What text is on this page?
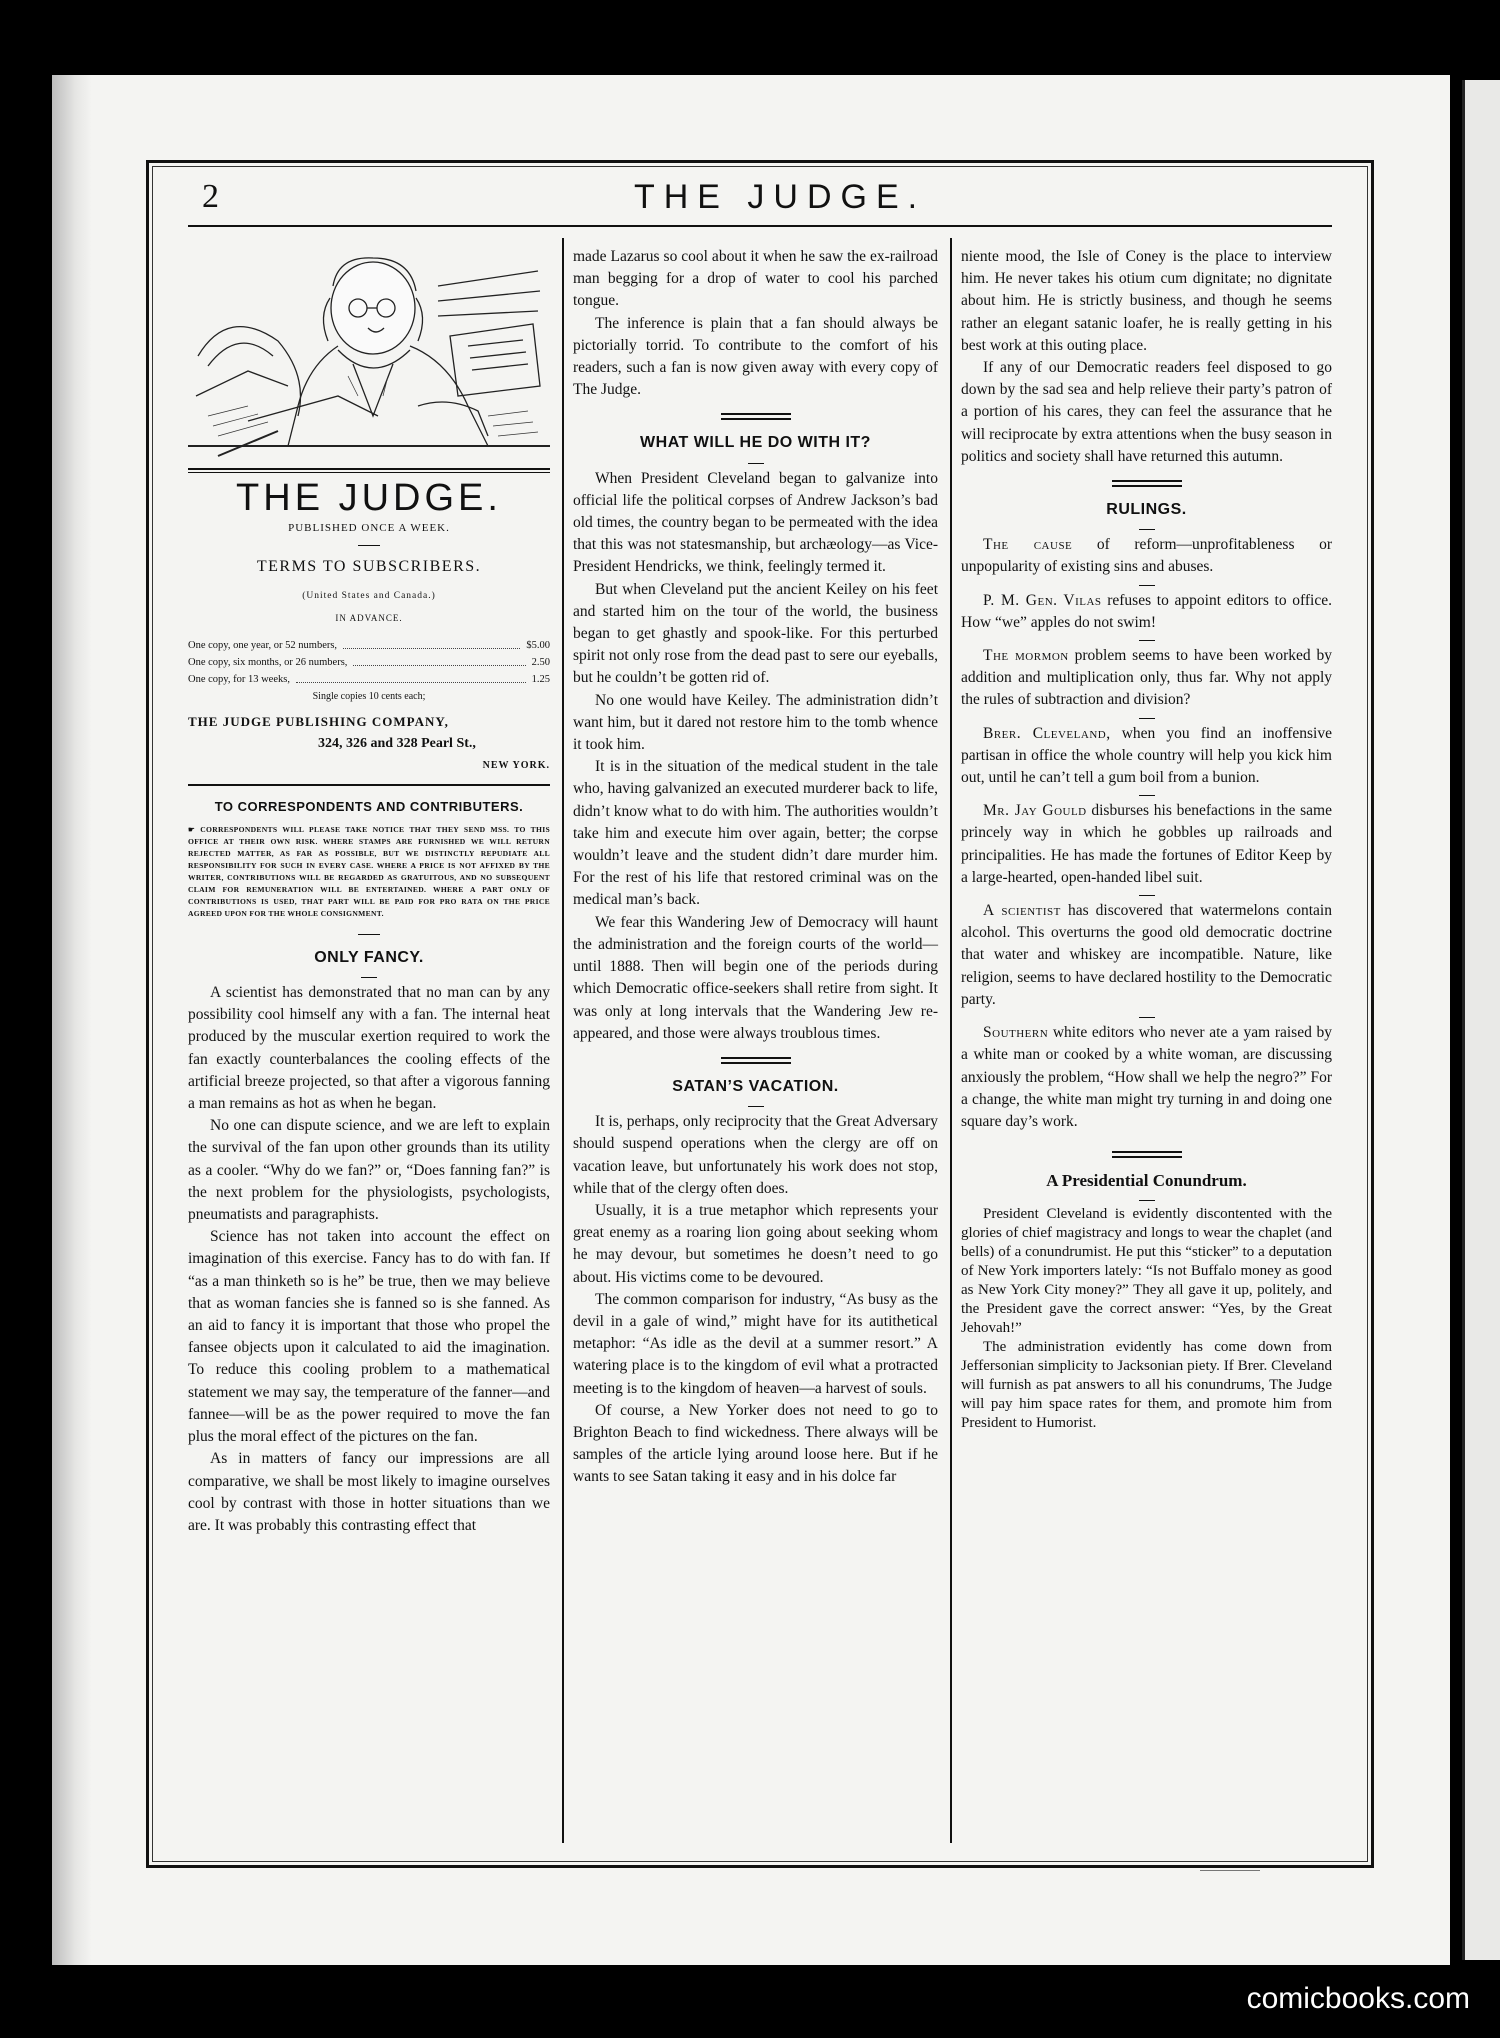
2	THE JUDGE.
THE JUDGE.
PUBLISHED ONCE A WEEK.
TERMS TO SUBSCRIBERS.
(United States and Canada.)
IN ADVANCE.
One copy, one year, or 52 numbers,	$5.00
One copy, six months, or 26 numbers,	2.50
One copy, for 13 weeks,	1.25
Single copies 10 cents each;
THE JUDGE PUBLISHING COMPANY,
324, 326 and 328 Pearl St.,
NEW YORK.
TO CORRESPONDENTS AND CONTRIBUTERS.
☛ CORRESPONDENTS WILL PLEASE TAKE NOTICE THAT THEY SEND MSS. TO THIS OFFICE AT THEIR OWN RISK. WHERE STAMPS ARE FURNISHED WE WILL RETURN REJECTED MATTER, AS FAR AS POSSIBLE, BUT WE DISTINCTLY REPUDIATE ALL RESPONSIBILITY FOR SUCH IN EVERY CASE. WHERE A PRICE IS NOT AFFIXED BY THE WRITER, CONTRIBUTIONS WILL BE REGARDED AS GRATUITOUS, AND NO SUBSEQUENT CLAIM FOR REMUNERATION WILL BE ENTERTAINED. WHERE A PART ONLY OF CONTRIBUTIONS IS USED, THAT PART WILL BE PAID FOR PRO RATA ON THE PRICE AGREED UPON FOR THE WHOLE CONSIGNMENT.
ONLY FANCY.

A scientist has demonstrated that no man can by any possibility cool himself any with a fan. The internal heat produced by the muscular exertion required to work the fan exactly counterbalances the cooling effects of the artificial breeze projected, so that after a vigorous fanning a man remains as hot as when he began.

No one can dispute science, and we are left to explain the survival of the fan upon other grounds than its utility as a cooler. “Why do we fan?” or, “Does fanning fan?” is the next problem for the physiologists, psychologists, pneumatists and paragraphists.

Science has not taken into account the effect on imagination of this exercise. Fancy has to do with fan. If “as a man thinketh so is he” be true, then we may believe that as woman fancies she is fanned so is she fanned. As an aid to fancy it is important that those who propel the fansee objects upon it calculated to aid the imagination. To reduce this cooling problem to a mathematical statement we may say, the temperature of the fanner—and fannee—will be as the power required to move the fan plus the moral effect of the pictures on the fan.

As in matters of fancy our impressions are all comparative, we shall be most likely to imagine ourselves cool by contrast with those in hotter situations than we are. It was probably this contrasting effect that

made Lazarus so cool about it when he saw the ex-railroad man begging for a drop of water to cool his parched tongue.

The inference is plain that a fan should always be pictorially torrid. To contribute to the comfort of his readers, such a fan is now given away with every copy of The Judge.

WHAT WILL HE DO WITH IT?

When President Cleveland began to galvanize into official life the political corpses of Andrew Jackson’s bad old times, the country began to be permeated with the idea that this was not statesmanship, but archæology—as Vice-President Hendricks, we think, feelingly termed it.

But when Cleveland put the ancient Keiley on his feet and started him on the tour of the world, the business began to get ghastly and spook-like. For this perturbed spirit not only rose from the dead past to sere our eyeballs, but he couldn’t be gotten rid of.

No one would have Keiley. The administration didn’t want him, but it dared not restore him to the tomb whence it took him.

It is in the situation of the medical student in the tale who, having galvanized an executed murderer back to life, didn’t know what to do with him. The authorities wouldn’t take him and execute him over again, better; the corpse wouldn’t leave and the student didn’t dare murder him. For the rest of his life that restored criminal was on the medical man’s back.

We fear this Wandering Jew of Democracy will haunt the administration and the foreign courts of the world—until 1888. Then will begin one of the periods during which Democratic office-seekers shall retire from sight. It was only at long intervals that the Wandering Jew re-appeared, and those were always troublous times.

SATAN’S VACATION.

It is, perhaps, only reciprocity that the Great Adversary should suspend operations when the clergy are off on vacation leave, but unfortunately his work does not stop, while that of the clergy often does.

Usually, it is a true metaphor which represents your great enemy as a roaring lion going about seeking whom he may devour, but sometimes he doesn’t need to go about. His victims come to be devoured.

The common comparison for industry, “As busy as the devil in a gale of wind,” might have for its autithetical metaphor: “As idle as the devil at a summer resort.” A watering place is to the kingdom of evil what a protracted meeting is to the kingdom of heaven—a harvest of souls.

Of course, a New Yorker does not need to go to Brighton Beach to find wickedness. There always will be samples of the article lying around loose here. But if he wants to see Satan taking it easy and in his dolce far

niente mood, the Isle of Coney is the place to interview him. He never takes his otium cum dignitate; no dignitate about him. He is strictly business, and though he seems rather an elegant satanic loafer, he is really getting in his best work at this outing place.

If any of our Democratic readers feel disposed to go down by the sad sea and help relieve their party’s patron of a portion of his cares, they can feel the assurance that he will reciprocate by extra attentions when the busy season in politics and society shall have returned this autumn.

RULINGS.

The cause of reform—unprofitableness or unpopularity of existing sins and abuses.

P. M. Gen. Vilas refuses to appoint editors to office. How “we” apples do not swim!

The mormon problem seems to have been worked by addition and multiplication only, thus far. Why not apply the rules of subtraction and division?

Brer. Cleveland, when you find an inoffensive partisan in office the whole country will help you kick him out, until he can’t tell a gum boil from a bunion.

Mr. Jay Gould disburses his benefactions in the same princely way in which he gobbles up railroads and principalities. He has made the fortunes of Editor Keep by a large-hearted, open-handed libel suit.

A scientist has discovered that watermelons contain alcohol. This overturns the good old democratic doctrine that water and whiskey are incompatible. Nature, like religion, seems to have declared hostility to the Democratic party.

Southern white editors who never ate a yam raised by a white man or cooked by a white woman, are discussing anxiously the problem, “How shall we help the negro?” For a change, the white man might try turning in and doing one square day’s work.

A Presidential Conundrum.

President Cleveland is evidently discontented with the glories of chief magistracy and longs to wear the chaplet (and bells) of a conundrumist. He put this “sticker” to a deputation of New York importers lately: “Is not Buffalo money as good as New York City money?” They all gave it up, politely, and the President gave the correct answer: “Yes, by the Great Jehovah!”

The administration evidently has come down from Jeffersonian simplicity to Jacksonian piety. If Brer. Cleveland will furnish as pat answers to all his conundrums, The Judge will pay him space rates for them, and promote him from President to Humorist.

comicbooks.com
